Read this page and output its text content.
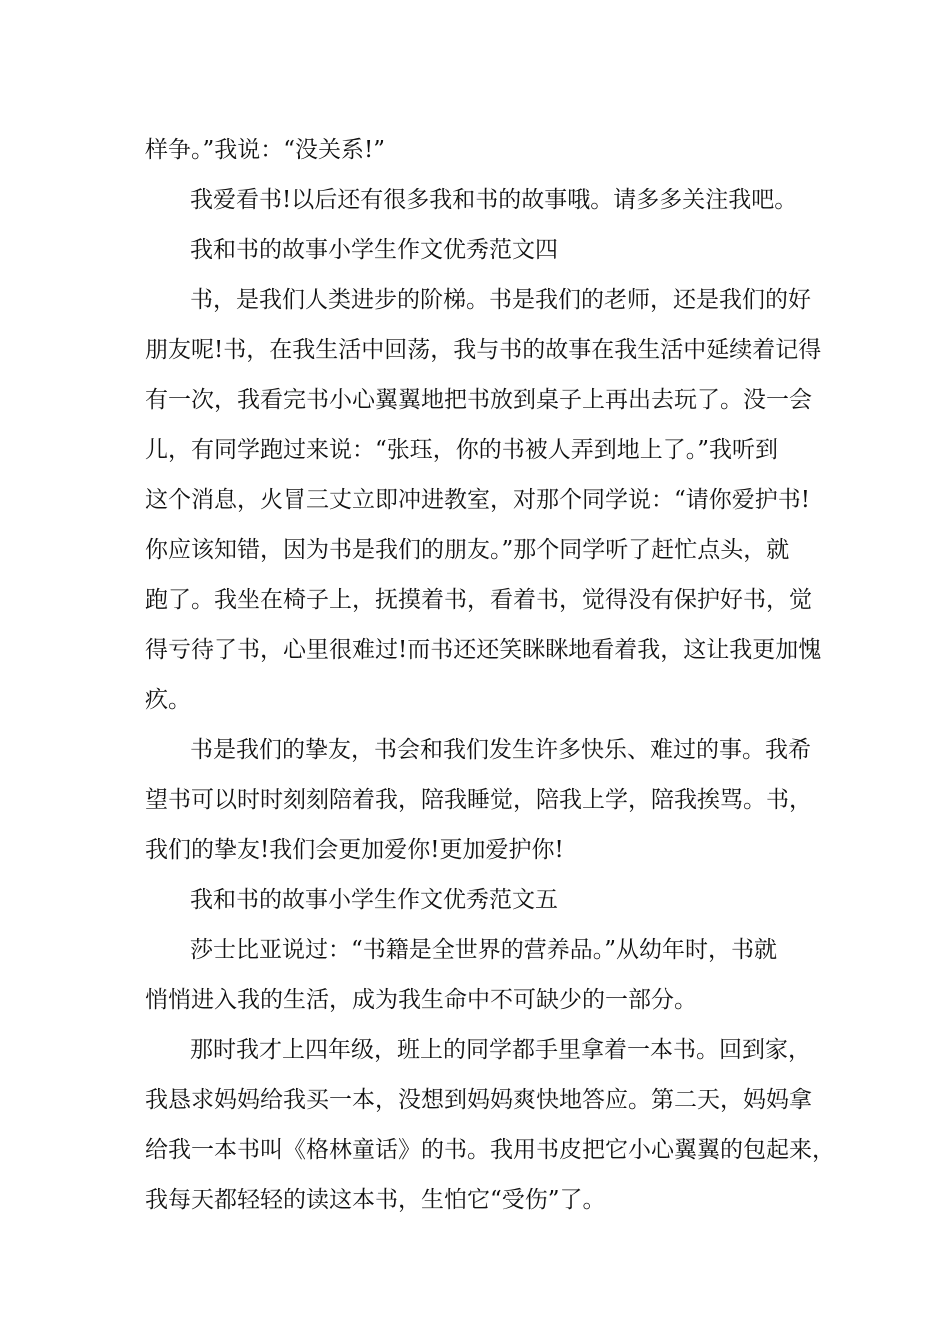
样争。”我说：“没关系!”
我爱看书!以后还有很多我和书的故事哦。请多多关注我吧。
我和书的故事小学生作文优秀范文四
书，是我们人类进步的阶梯。书是我们的老师，还是我们的好
朋友呢!书，在我生活中回荡，我与书的故事在我生活中延续着记得
有一次，我看完书小心翼翼地把书放到桌子上再出去玩了。没一会
儿，有同学跑过来说：“张珏，你的书被人弄到地上了。”我听到
这个消息，火冒三丈立即冲进教室，对那个同学说：“请你爱护书!
你应该知错，因为书是我们的朋友。”那个同学听了赶忙点头，就
跑了。我坐在椅子上，抚摸着书，看着书，觉得没有保护好书，觉
得亏待了书，心里很难过!而书还还笑眯眯地看着我，这让我更加愧
疚。
书是我们的挚友，书会和我们发生许多快乐、难过的事。我希
望书可以时时刻刻陪着我，陪我睡觉，陪我上学，陪我挨骂。书，
我们的挚友!我们会更加爱你!更加爱护你!
我和书的故事小学生作文优秀范文五
莎士比亚说过：“书籍是全世界的营养品。”从幼年时，书就
悄悄进入我的生活，成为我生命中不可缺少的一部分。
那时我才上四年级，班上的同学都手里拿着一本书。回到家，
我恳求妈妈给我买一本，没想到妈妈爽快地答应。第二天，妈妈拿
给我一本书叫《格林童话》的书。我用书皮把它小心翼翼的包起来，
我每天都轻轻的读这本书，生怕它“受伤”了。
